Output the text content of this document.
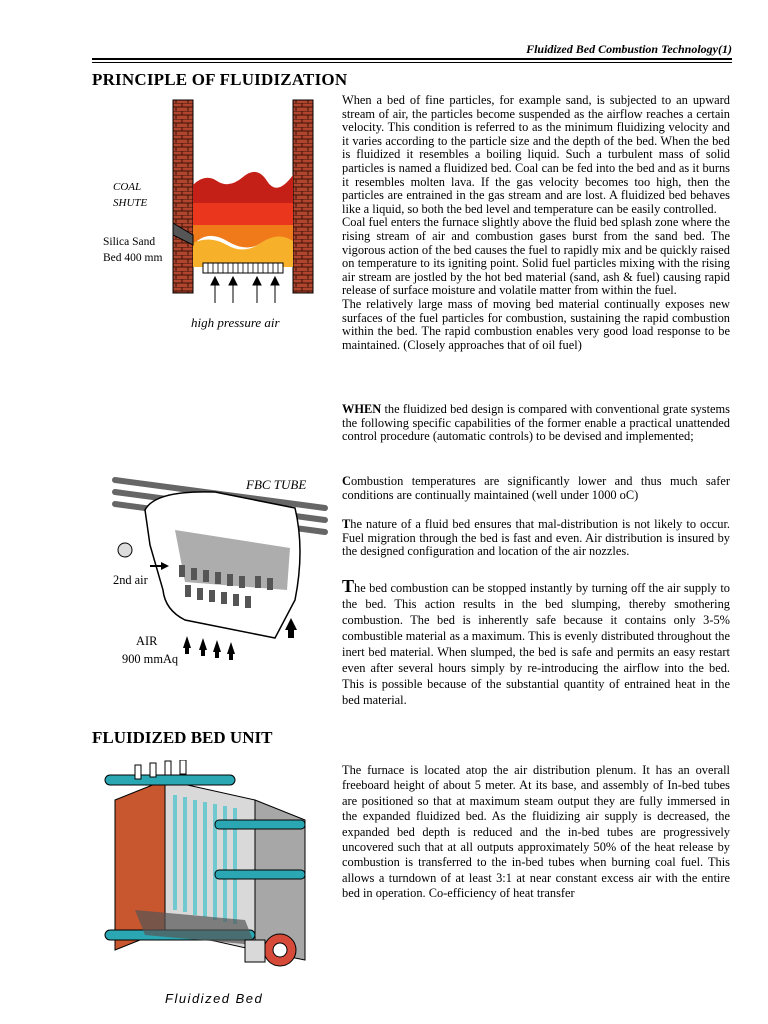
Fluidized Bed Combustion Technology(1)
PRINCIPLE OF FLUIDIZATION
COAL
SHUTE
Silica Sand
Bed 400 mm
high pressure air

When a bed of fine particles, for example sand, is subjected to an upward stream of air, the particles become suspended as the airflow reaches a certain velocity. This condition is referred to as the minimum fluidizing velocity and it varies according to the particle size and the depth of the bed. When the bed is fluidized it resembles a boiling liquid. Such a turbulent mass of solid particles is named a fluidized bed. Coal can be fed into the bed and as it burns it resembles molten lava. If the gas velocity becomes too high, then the particles are entrained in the gas stream and are lost. A fluidized bed behaves like a liquid, so both the bed level and temperature can be easily controlled.

Coal fuel enters the furnace slightly above the fluid bed splash zone where the rising stream of air and combustion gases burst from the sand bed. The vigorous action of the bed causes the fuel to rapidly mix and be quickly raised on temperature to its igniting point. Solid fuel particles mixing with the rising air stream are jostled by the hot bed material (sand, ash & fuel) causing rapid release of surface moisture and volatile matter from within the fuel.

The relatively large mass of moving bed material continually exposes new surfaces of the fuel particles for combustion, sustaining the rapid combustion within the bed. The rapid combustion enables very good load response to be maintained. (Closely approaches that of oil fuel)

WHEN the fluidized bed design is compared with conventional grate systems the following specific capabilities of the former enable a practical unattended control procedure (automatic controls) to be devised and implemented;
Combustion temperatures are significantly lower and thus much safer conditions are continually maintained (well under 1000 oC)
The nature of a fluid bed ensures that mal-distribution is not likely to occur. Fuel migration through the bed is fast and even. Air distribution is insured by the designed configuration and location of the air nozzles.
The bed combustion can be stopped instantly by turning off the air supply to the bed. This action results in the bed slumping, thereby smothering combustion. The bed is inherently safe because it contains only 3-5% combustible material as a maximum. This is evenly distributed throughout the inert bed material. When slumped, the bed is safe and permits an easy restart even after several hours simply by re-introducing the airflow into the bed. This is possible because of the substantial quantity of entrained heat in the bed material.
FBC TUBE
2nd air
AIR
900 mmAq
FLUIDIZED BED UNIT

The furnace is located atop the air distribution plenum. It has an overall freeboard height of about 5 meter. At its base, and assembly of In-bed tubes are positioned so that at maximum steam output they are fully immersed in the expanded fluidized bed. As the fluidizing air supply is decreased, the expanded bed depth is reduced and the in-bed tubes are progressively uncovered such that at all outputs approximately 50% of the heat release by combustion is transferred to the in-bed tubes when burning coal fuel. This allows a turndown of at least 3:1 at near constant excess air with the entire bed in operation. Co-efficiency of heat transfer

Fluidized Bed
